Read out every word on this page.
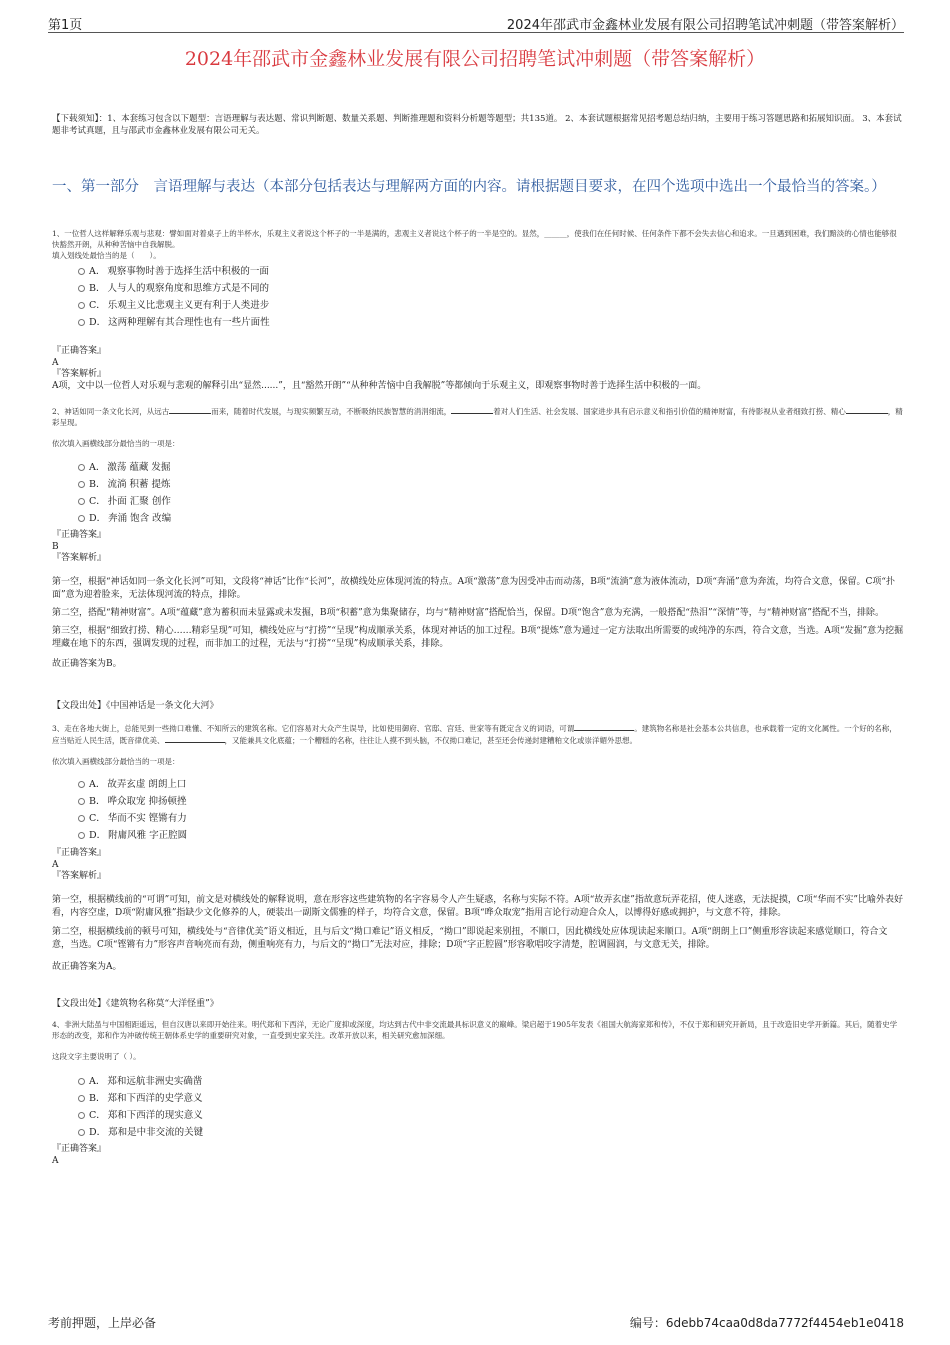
第1页	2024年邵武市金鑫林业发展有限公司招聘笔试冲刺题（带答案解析）
2024年邵武市金鑫林业发展有限公司招聘笔试冲刺题（带答案解析）
【下载须知】：1、本套练习包含以下题型：言语理解与表达题、常识判断题、数量关系题、判断推理题和资料分析题等题型；共135道。 2、本套试题根据常见招考题总结归纳，主要用于练习答题思路和拓展知识面。 3、本套试题非考试真题，且与邵武市金鑫林业发展有限公司无关。
一、第一部分　言语理解与表达（本部分包括表达与理解两方面的内容。请根据题目要求，在四个选项中选出一个最恰当的答案。）
1、一位哲人这样解释乐观与悲观：譬如面对着桌子上的半杯水，乐观主义者说这个杯子的一半是满的，悲观主义者说这个杯子的一半是空的。显然，______，使我们在任何时候、任何条件下都不会失去信心和追求。一旦遇到困难，我们黯淡的心情也能够很快豁然开朗，从种种苦恼中自我解脱。
填入划线处最恰当的是（　　）。
A． 观察事物时善于选择生活中积极的一面
B． 人与人的观察角度和思维方式是不同的
C． 乐观主义比悲观主义更有利于人类进步
D． 这两种理解有其合理性也有一些片面性
『正确答案』
A
『答案解析』
A项，文中以一位哲人对乐观与悲观的解释引出“显然......”，且“豁然开朗”“从种种苦恼中自我解脱”等都倾向于乐观主义，即观察事物时善于选择生活中积极的一面。
2、神话如同一条文化长河，从远古	而来，随着时代发展，与现实频繁互动，不断吸纳民族智慧的涓涓细流，	着对人们生活、社会发展、国家进步具有启示意义和指引价值的精神财富，有待影视从业者细致打捞、精心	，精彩呈现。
依次填入画横线部分最恰当的一项是：
A． 激荡 蕴藏 发掘
B． 流淌 积蓄 提炼
C． 扑面 汇聚 创作
D． 奔涌 饱含 改编
『正确答案』
B
『答案解析』
第一空，根据“神话如同一条文化长河”可知，文段将“神话”比作“长河”，故横线处应体现河流的特点。A项“激荡”意为因受冲击而动荡，B项“流淌”意为液体流动，D项“奔涌”意为奔流，均符合文意，保留。C项“扑面”意为迎着脸来，无法体现河流的特点，排除。
第二空，搭配“精神财富”。A项“蕴藏”意为蓄积而未显露或未发掘，B项“积蓄”意为集聚储存，均与“精神财富”搭配恰当，保留。D项“饱含”意为充满，一般搭配“热泪”“深情”等，与“精神财富”搭配不当，排除。
第三空，根据“细致打捞、精心……精彩呈现”可知，横线处应与“打捞”“呈现”构成顺承关系，体现对神话的加工过程。B项“提炼”意为通过一定方法取出所需要的或纯净的东西，符合文意，当选。A项“发掘”意为挖掘埋藏在地下的东西，强调发现的过程，而非加工的过程，无法与“打捞”“呈现”构成顺承关系，排除。
故正确答案为B。
【文段出处】《中国神话是一条文化大河》
3、走在各地大街上，总能见到一些拗口难懂、不知所云的建筑名称。它们容易对大众产生误导，比如使用御府、官邸、宫廷、世家等有既定含义的词语，可谓	。建筑物名称是社会基本公共信息，也承载着一定的文化属性。一个好的名称，应当贴近人民生活，既音律优美、	，又能兼具文化底蕴；一个糟糕的名称，往往让人摸不到头脑，不仅拗口难记，甚至还会传递封建糟粕文化或崇洋媚外思想。
依次填入画横线部分最恰当的一项是：
A． 故弄玄虚 朗朗上口
B． 哗众取宠 抑扬顿挫
C． 华而不实 铿锵有力
D． 附庸风雅 字正腔圆
『正确答案』
A
『答案解析』
第一空，根据横线前的“可谓”可知，前文是对横线处的解释说明，意在形容这些建筑物的名字容易令人产生疑惑，名称与实际不符。A项“故弄玄虚”指故意玩弄花招，使人迷惑，无法捉摸，C项“华而不实”比喻外表好看，内容空虚，D项“附庸风雅”指缺少文化修养的人，硬装出一副斯文儒雅的样子，均符合文意，保留。B项“哗众取宠”指用言论行动迎合众人，以博得好感或拥护，与文意不符，排除。
第二空，根据横线前的顿号可知，横线处与“音律优美”语义相近，且与后文“拗口难记”语义相反，“拗口”即说起来别扭，不顺口，因此横线处应体现读起来顺口。A项“朗朗上口”侧重形容读起来感觉顺口，符合文意，当选。C项“铿锵有力”形容声音响亮而有劲，侧重响亮有力，与后文的“拗口”无法对应，排除；D项“字正腔圆”形容歌唱咬字清楚，腔调圆润，与文意无关，排除。
故正确答案为A。
【文段出处】《建筑物名称莫“大洋怪重”》
4、非洲大陆虽与中国相距遥远，但自汉唐以来即开始往来。明代郑和下西洋，无论广度抑或深度，均达到古代中非交流最具标识意义的巅峰。梁启超于1905年发表《祖国大航海家郑和传》，不仅于郑和研究开新局，且于改造旧史学开新篇。其后，随着史学形态的改变，郑和作为冲破传统王朝体系史学的重要研究对象，一直受到史家关注。改革开放以来，相关研究愈加深细。
这段文字主要说明了（ ）。
A． 郑和远航非洲史实确凿
B． 郑和下西洋的史学意义
C． 郑和下西洋的现实意义
D． 郑和是中非交流的关键
『正确答案』
A
考前押题，上岸必备	编号：6debb74caa0d8da7772f4454eb1e0418
